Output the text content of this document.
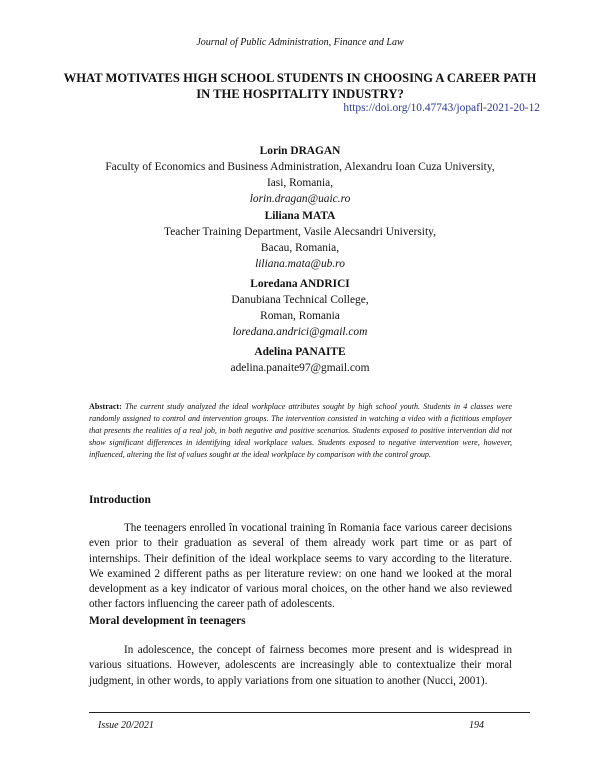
Journal of Public Administration, Finance and Law
WHAT MOTIVATES HIGH SCHOOL STUDENTS IN CHOOSING A CAREER PATH IN THE HOSPITALITY INDUSTRY?
https://doi.org/10.47743/jopafl-2021-20-12
Lorin DRAGAN
Faculty of Economics and Business Administration, Alexandru Ioan Cuza University,
Iasi, Romania,
lorin.dragan@uaic.ro
Liliana MATA
Teacher Training Department, Vasile Alecsandri University,
Bacau, Romania,
liliana.mata@ub.ro
Loredana ANDRICI
Danubiana Technical College,
Roman, Romania
loredana.andrici@gmail.com
Adelina PANAITE
adelina.panaite97@gmail.com
Abstract: The current study analyzed the ideal workplace attributes sought by high school youth. Students in 4 classes were randomly assigned to control and intervention groups. The intervention consisted in watching a video with a fictitious employer that presents the realities of a real job, in both negative and positive scenarios. Students exposed to positive intervention did not show significant differences in identifying ideal workplace values. Students exposed to negative intervention were, however, influenced, altering the list of values sought at the ideal workplace by comparison with the control group.
Introduction
The teenagers enrolled în vocational training în Romania face various career decisions even prior to their graduation as several of them already work part time or as part of internships. Their definition of the ideal workplace seems to vary according to the literature. We examined 2 different paths as per literature review: on one hand we looked at the moral development as a key indicator of various moral choices, on the other hand we also reviewed other factors influencing the career path of adolescents.
Moral development în teenagers
In adolescence, the concept of fairness becomes more present and is widespread in various situations. However, adolescents are increasingly able to contextualize their moral judgment, in other words, to apply variations from one situation to another (Nucci, 2001).
Issue 20/2021	194
